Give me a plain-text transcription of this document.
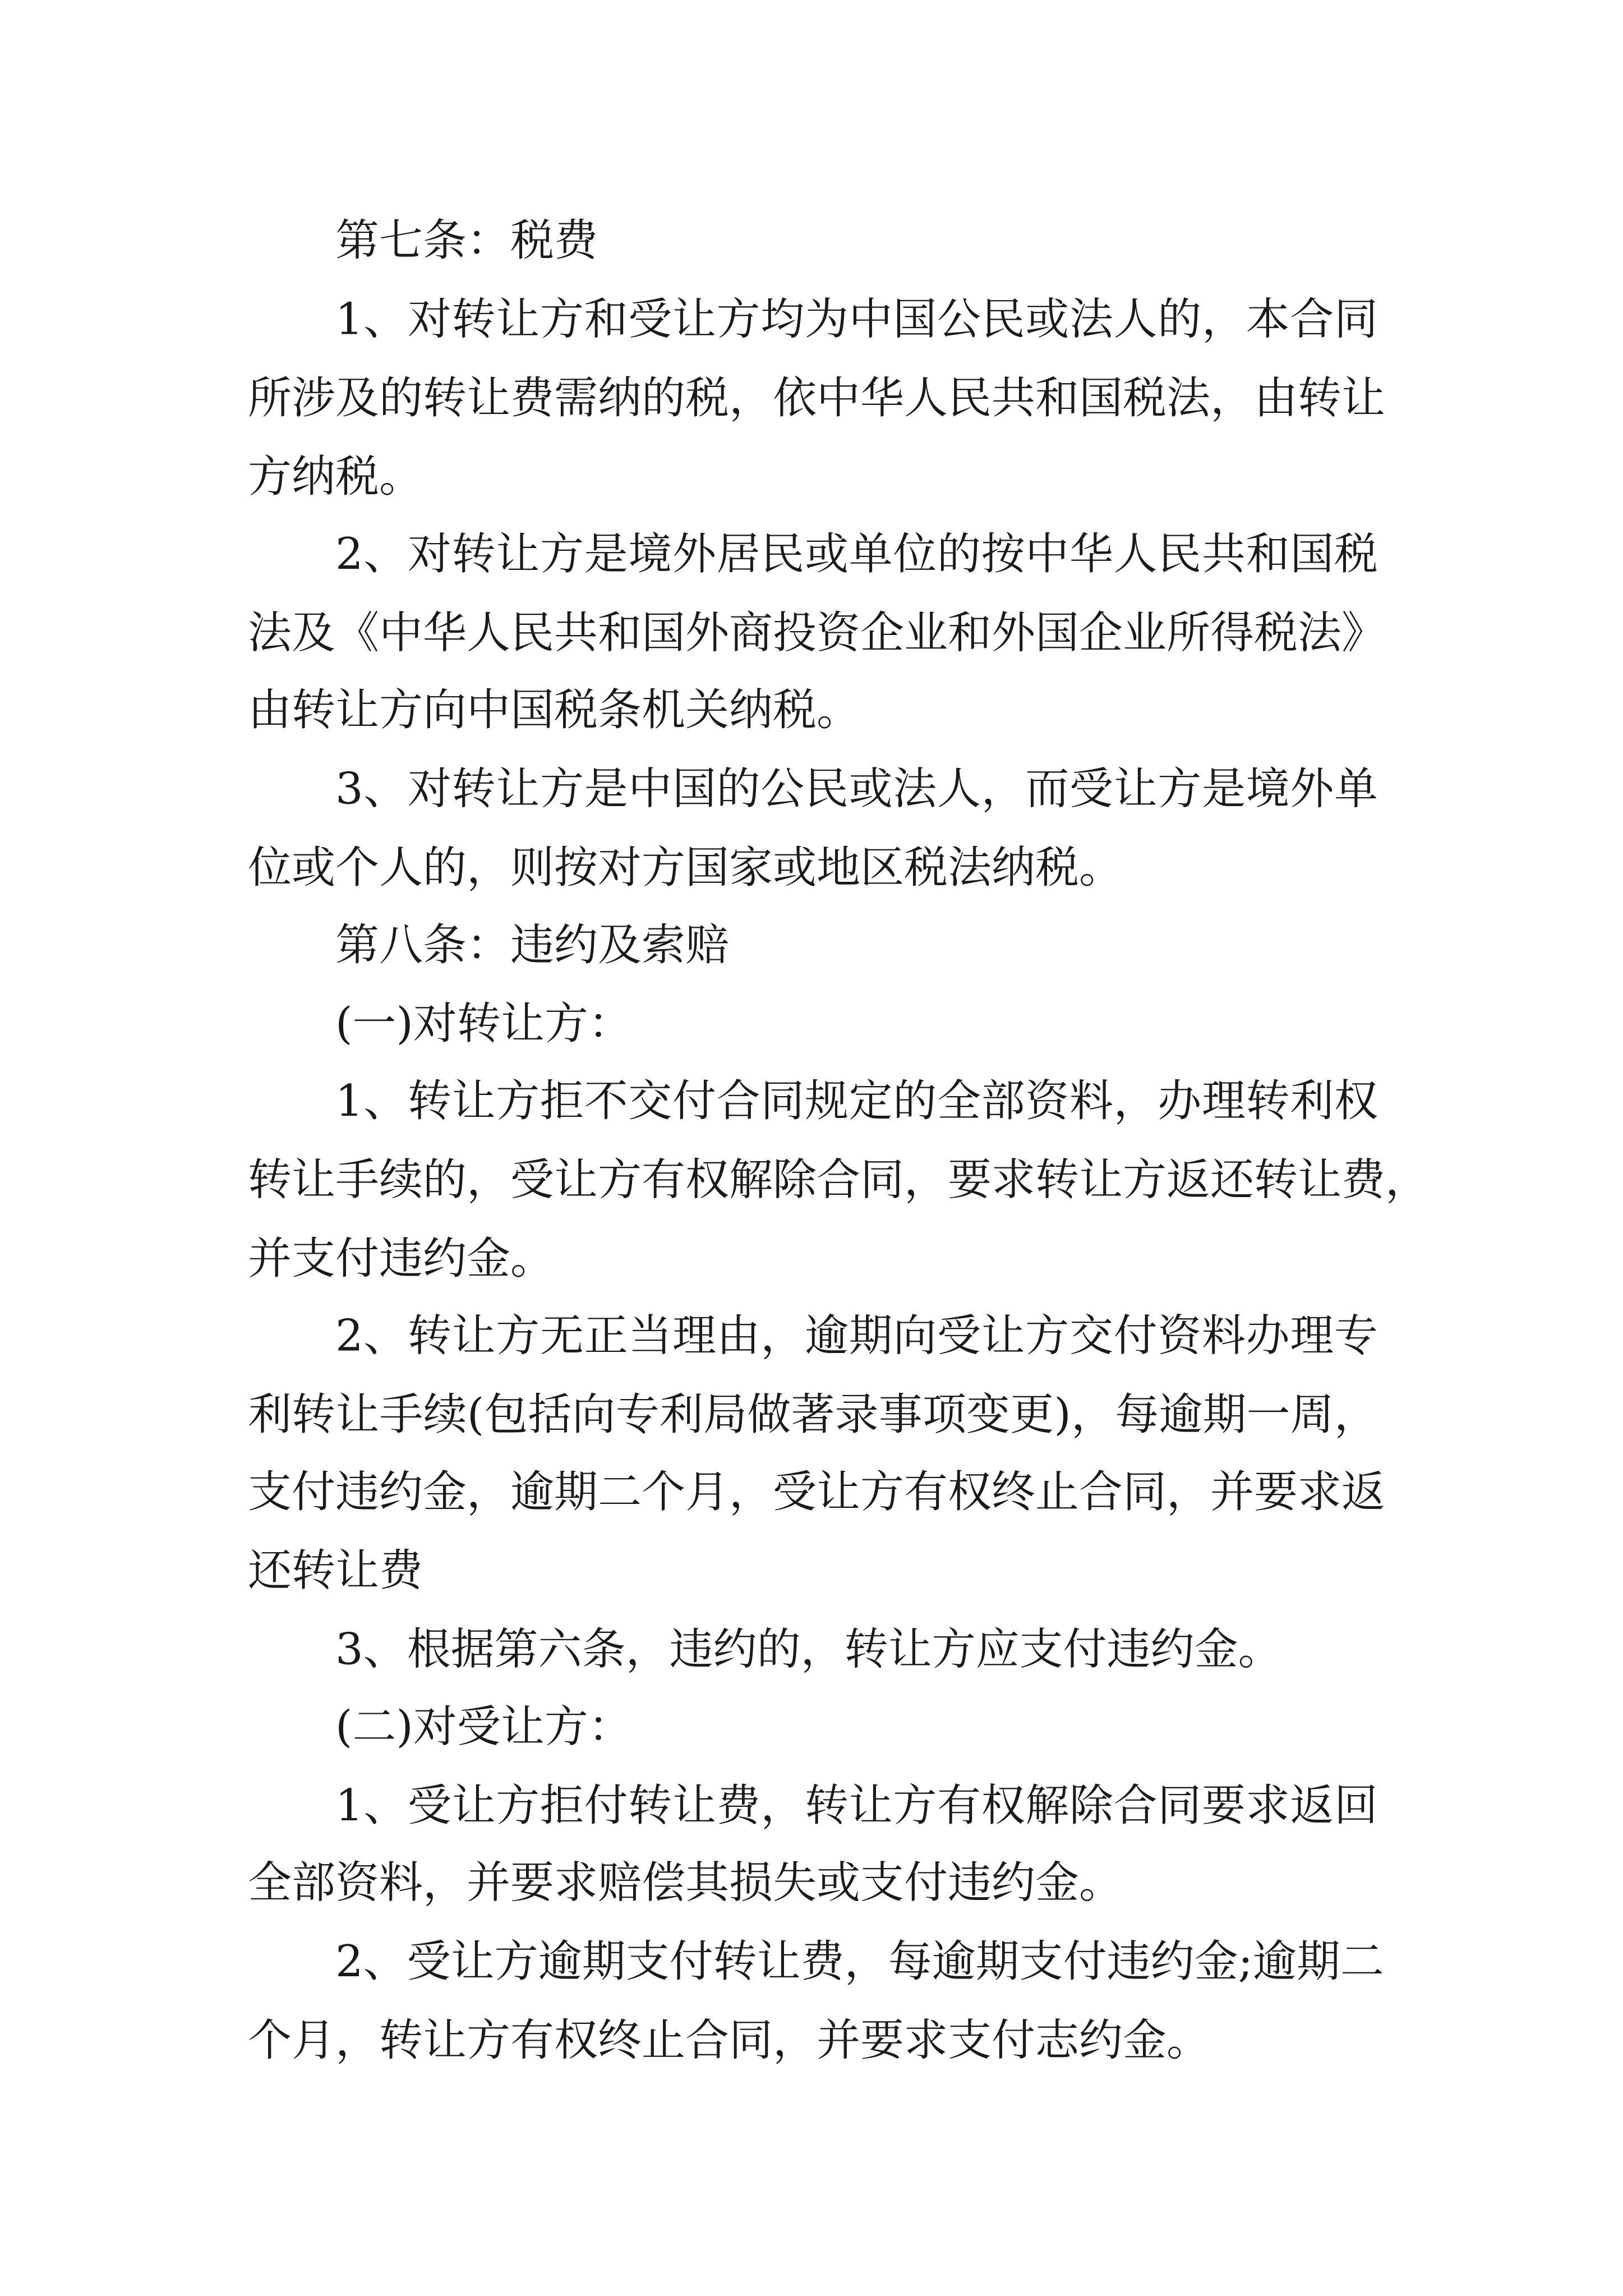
第七条：税费
1、对转让方和受让方均为中国公民或法人的，本合同
所涉及的转让费需纳的税，依中华人民共和国税法，由转让
方纳税。
2、对转让方是境外居民或单位的按中华人民共和国税
法及《中华人民共和国外商投资企业和外国企业所得税法》
由转让方向中国税条机关纳税。
3、对转让方是中国的公民或法人，而受让方是境外单
位或个人的，则按对方国家或地区税法纳税。
第八条：违约及索赔
(一)对转让方：
1、转让方拒不交付合同规定的全部资料，办理转利权
转让手续的，受让方有权解除合同，要求转让方返还转让费，
并支付违约金。
2、转让方无正当理由，逾期向受让方交付资料办理专
利转让手续(包括向专利局做著录事项变更)，每逾期一周，
支付违约金，逾期二个月，受让方有权终止合同，并要求返
还转让费
3、根据第六条，违约的，转让方应支付违约金。
(二)对受让方：
1、受让方拒付转让费，转让方有权解除合同要求返回
全部资料，并要求赔偿其损失或支付违约金。
2、受让方逾期支付转让费，每逾期支付违约金;逾期二
个月，转让方有权终止合同，并要求支付志约金。
